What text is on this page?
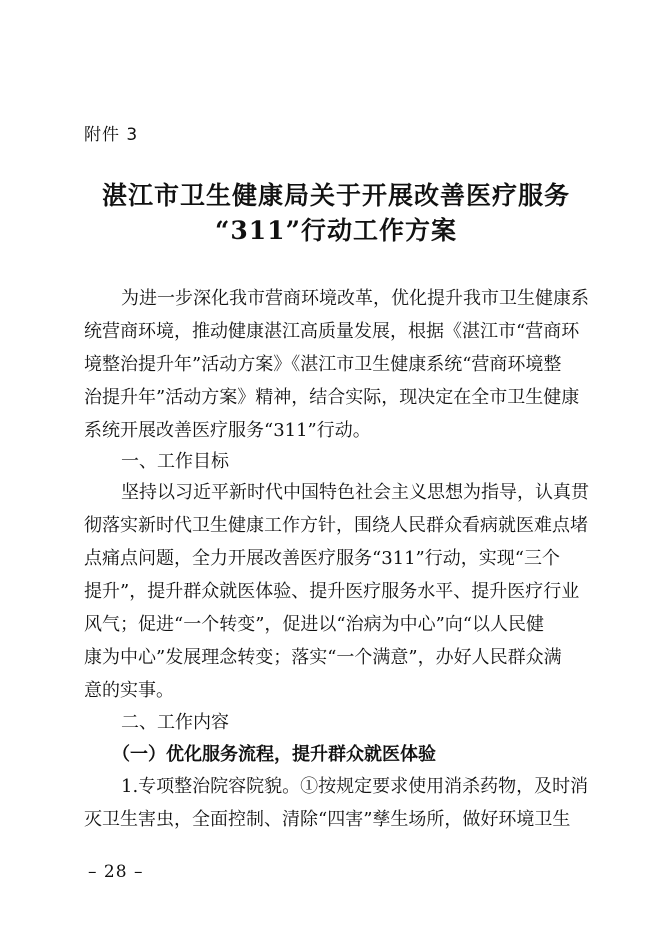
附件 3
湛江市卫生健康局关于开展改善医疗服务
“311”行动工作方案
为进一步深化我市营商环境改革，优化提升我市卫生健康系
统营商环境，推动健康湛江高质量发展，根据《湛江市“营商环
境整治提升年”活动方案》《湛江市卫生健康系统“营商环境整
治提升年”活动方案》精神，结合实际，现决定在全市卫生健康
系统开展改善医疗服务“311”行动。
一、工作目标
坚持以习近平新时代中国特色社会主义思想为指导，认真贯
彻落实新时代卫生健康工作方针，围绕人民群众看病就医难点堵
点痛点问题，全力开展改善医疗服务“311”行动，实现“三个
提升”，提升群众就医体验、提升医疗服务水平、提升医疗行业
风气；促进“一个转变”，促进以“治病为中心”向“以人民健
康为中心”发展理念转变；落实“一个满意”，办好人民群众满
意的实事。
二、工作内容
（一）优化服务流程，提升群众就医体验
1.专项整治院容院貌。①按规定要求使用消杀药物，及时消
灭卫生害虫，全面控制、清除“四害”孳生场所，做好环境卫生
– 28 –
